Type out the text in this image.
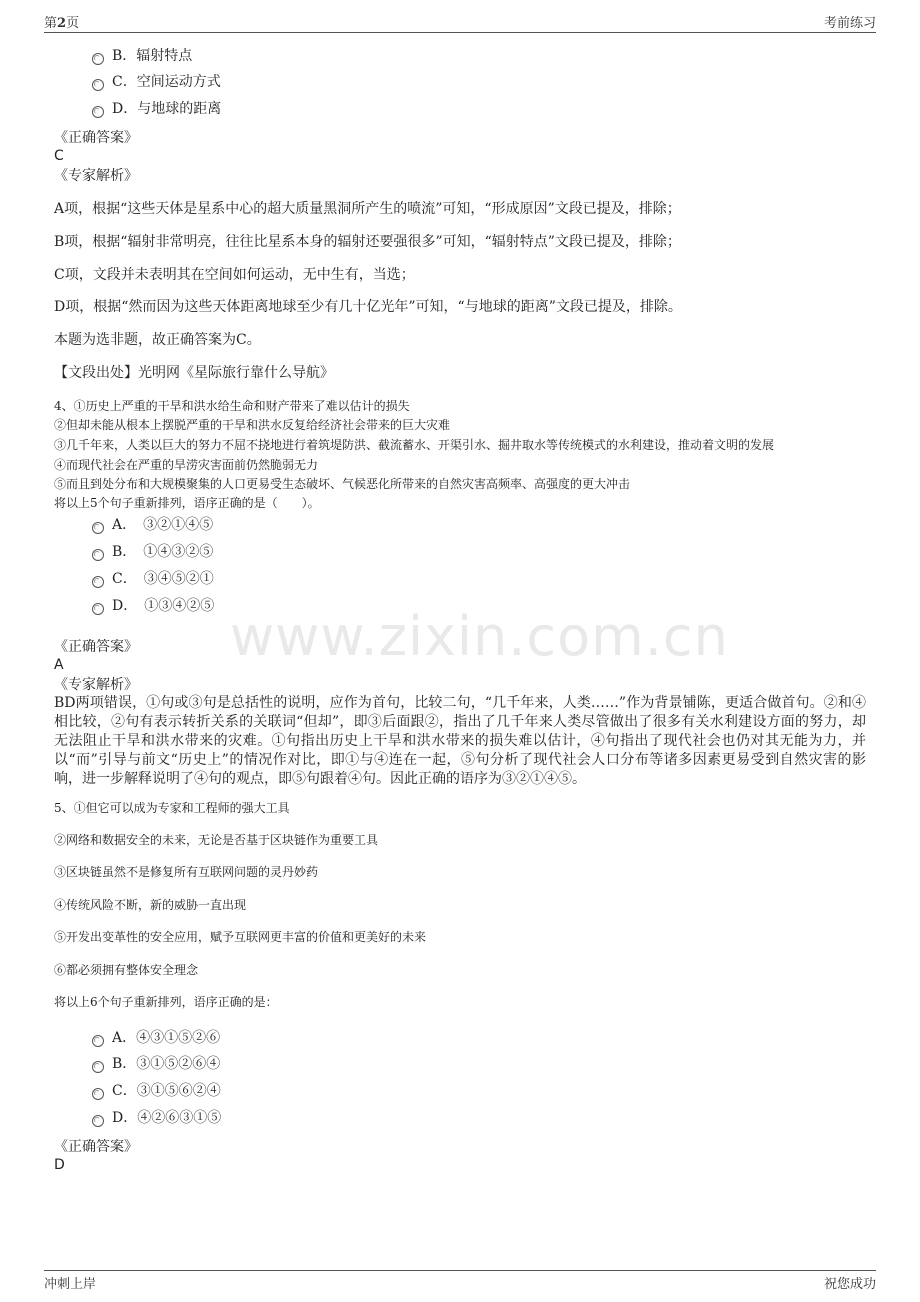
第2页	考前练习
www.zixin.com.cn
B．辐射特点
C．空间运动方式
D．与地球的距离
《正确答案》
C
《专家解析》
A项，根据“这些天体是星系中心的超大质量黑洞所产生的喷流”可知，“形成原因”文段已提及，排除；
B项，根据“辐射非常明亮，往往比星系本身的辐射还要强很多”可知，“辐射特点”文段已提及，排除；
C项，文段并未表明其在空间如何运动，无中生有，当选；
D项，根据“然而因为这些天体距离地球至少有几十亿光年”可知，“与地球的距离”文段已提及，排除。
本题为选非题，故正确答案为C。
【文段出处】光明网《星际旅行靠什么导航》
4、①历史上严重的干旱和洪水给生命和财产带来了难以估计的损失
②但却未能从根本上摆脱严重的干旱和洪水反复给经济社会带来的巨大灾难
③几千年来，人类以巨大的努力不屈不挠地进行着筑堤防洪、截流蓄水、开渠引水、掘井取水等传统模式的水利建设，推动着文明的发展
④而现代社会在严重的旱涝灾害面前仍然脆弱无力
⑤而且到处分布和大规模聚集的人口更易受生态破坏、气候恶化所带来的自然灾害高频率、高强度的更大冲击
将以上5个句子重新排列，语序正确的是（　　）。
A．　③②①④⑤
B．　①④③②⑤
C．　③④⑤②①
D．　①③④②⑤
《正确答案》
A
《专家解析》
BD两项错误，①句或③句是总括性的说明，应作为首句，比较二句，“几千年来，人类……”作为背景铺陈，更适合做首句。②和④相比较，②句有表示转折关系的关联词“但却”，即③后面跟②，指出了几千年来人类尽管做出了很多有关水利建设方面的努力，却无法阻止干旱和洪水带来的灾难。①句指出历史上干旱和洪水带来的损失难以估计，④句指出了现代社会也仍对其无能为力，并以“而”引导与前文“历史上”的情况作对比，即①与④连在一起，⑤句分析了现代社会人口分布等诸多因素更易受到自然灾害的影响，进一步解释说明了④句的观点，即⑤句跟着④句。因此正确的语序为③②①④⑤。
5、①但它可以成为专家和工程师的强大工具
②网络和数据安全的未来，无论是否基于区块链作为重要工具
③区块链虽然不是修复所有互联网问题的灵丹妙药
④传统风险不断，新的威胁一直出现
⑤开发出变革性的安全应用，赋予互联网更丰富的价值和更美好的未来
⑥都必须拥有整体安全理念
将以上6个句子重新排列，语序正确的是：
A．④③①⑤②⑥
B．③①⑤②⑥④
C．③①⑤⑥②④
D．④②⑥③①⑤
《正确答案》
D
冲刺上岸	祝您成功
